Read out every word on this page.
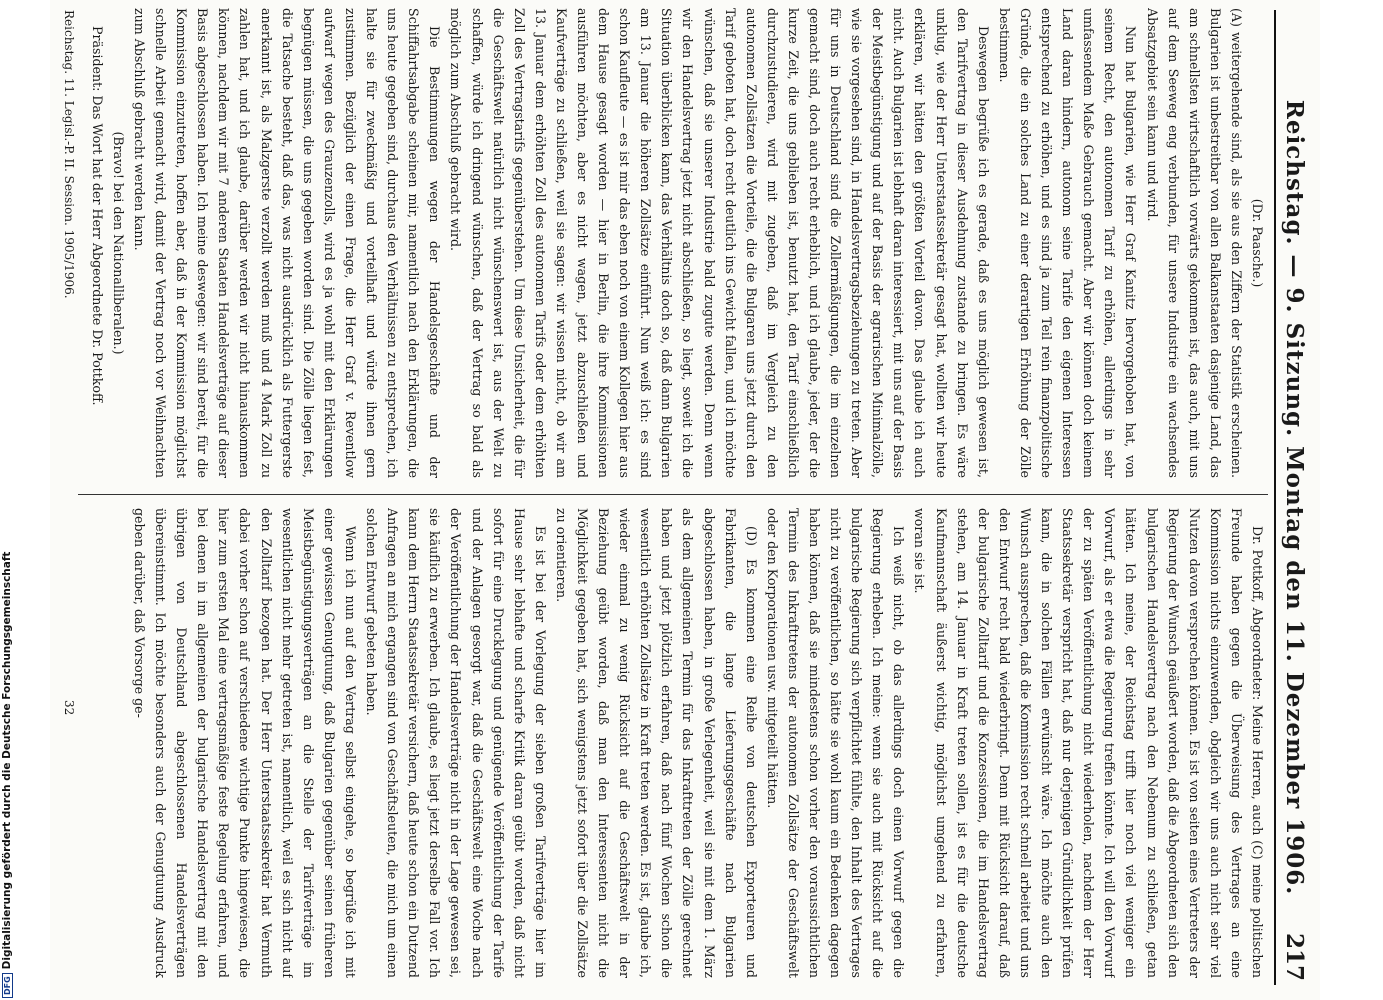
Reichstag. — 9. Sitzung. Montag den 11. Dezember 1906.
217

(Dr. Paasche.)

(A) weitergehende sind, als sie aus den Ziffern der Statistik erscheinen. Bulgarien ist unbestreitbar von allen Balkanstaaten dasjenige Land, das am schnellsten wirtschaftlich vorwärts gekommen ist, das auch, mit uns auf dem Seeweg eng verbunden, für unsere Industrie ein wachsendes Absatzgebiet sein kann und wird.

Nun hat Bulgarien, wie Herr Graf Kanitz hervorgehoben hat, von seinem Recht, den autonomen Tarif zu erhöhen, allerdings in sehr umfassendem Maße Gebrauch gemacht. Aber wir können doch keinem Land daran hindern, autonom seine Tarife den eigenen Interessen entsprechend zu erhöhen, und es sind ja zum Teil rein finanzpolitische Gründe, die ein solches Land zu einer derartigen Erhöhung der Zölle bestimmen.

Deswegen begrüße ich es gerade, daß es uns möglich gewesen ist, den Tarifvertrag in dieser Ausdehnung zustande zu bringen. Es wäre unklug, wie der Herr Unterstaatssekretär gesagt hat, wollten wir heute erklären, wir hätten den größten Vorteil davon. Das glaube ich auch nicht. Auch Bulgarien ist lebhaft daran interessiert, mit uns auf der Basis der Meistbegünstigung und auf der Basis der agrarischen Minimalzölle, wie sie vorgesehen sind, in Handelsvertragsbeziehungen zu treten. Aber für uns in Deutschland sind die Zollermäßigungen, die im einzelnen gemacht sind, doch auch recht erheblich, und ich glaube, jeder, der die kurze Zeit, die uns geblieben ist, benutzt hat, den Tarif einschließlich durchzustudieren, wird mit zugeben, daß im Vergleich zu den autonomen Zollsätzen die Vorteile, die die Bulgaren uns jetzt durch den Tarif geboten hat, doch recht deutlich ins Gewicht fallen, und ich möchte wünschen, daß sie unserer Industrie bald zugute werden. Denn wenn wir den Handelsvertrag jetzt nicht abschließen, so liegt, soweit ich die Situation überblicken kann, das Verhältnis doch so, daß dann Bulgarien am 13. Januar die höheren Zollsätze einführt. Nun weiß ich: es sind schon Kaufleute — es ist mir das eben noch von einem Kollegen hier aus dem Hause gesagt worden — hier in Berlin, die ihre Kommissionen ausführen möchten, aber es nicht wagen, jetzt abzuschließen und Kaufverträge zu schließen, weil sie sagen: wir wissen nicht, ob wir am 13. Januar dem erhöhten Zoll des autonomen Tarifs oder dem erhöhten Zoll des Vertragstarifs gegenüberstehen. Um diese Unsicherheit, die für die Geschäftswelt natürlich nicht wünschenswert ist, aus der Welt zu schaffen, würde ich dringend wünschen, daß der Vertrag so bald als möglich zum Abschluß gebracht wird.

Die Bestimmungen wegen der Handelsgeschäfte und der Schiffahrtsabgabe scheinen mir, namentlich nach den Erklärungen, die uns heute gegeben sind, durchaus den Verhältnissen zu entsprechen, ich halte sie für zweckmäßig und vorteilhaft und würde ihnen gern zustimmen. Bezüglich der einen Frage, die Herr Graf v. Reventlow aufwarf wegen des Grauzenzolls, wird es ja wohl mit den Erklärungen begnügen müssen, die uns gegeben worden sind. Die Zölle liegen fest, die Tatsache besteht, daß das, was nicht ausdrücklich als Futtergerste anerkannt ist, als Malzgerste verzollt werden muß und 4 Mark Zoll zu zahlen hat, und ich glaube, darüber werden wir nicht hinauskommen können, nachdem wir mit 7 anderen Staaten Handelsverträge auf dieser Basis abgeschlossen haben. Ich meine deswegen: wir sind bereit, für die Kommission einzutreten, hoffen aber, daß in der Kommission möglichst schnelle Arbeit gemacht wird, damit der Vertrag noch vor Weihnachten zum Abschluß gebracht werden kann.

(Bravo! bei den Nationalliberalen.)

Präsident: Das Wort hat der Herr Abgeordnete Dr. Pottkoff.

Dr. Pottkoff, Abgeordneter: Meine Herren, auch (C) meine politischen Freunde haben gegen die Überweisung des Vertrages an eine Kommission nichts einzuwenden, obgleich wir uns auch nicht sehr viel Nutzen davon versprechen können. Es ist von seiten eines Vertreters der Regierung der Wunsch geäußert worden, daß die Abgeordneten sich den bulgarischen Handelsvertrag nach den Nebenum zu schließen, getan hätten. Ich meine, der Reichstag trifft hier noch viel weniger ein Vorwurf, als er etwa die Regierung treffen könnte. Ich will den Vorwurf der zu späten Veröffentlichung nicht wiederholen, nachdem der Herr Staatssekretär verspricht hat, daß nur derjenigen Gründlichkeit prüfen kann, die in solchen Fällen erwünscht wäre. Ich möchte auch den Wunsch aussprechen, daß die Kommission recht schnell arbeitet und uns den Entwurf recht bald wiederbringt. Denn mit Rücksicht darauf, daß der bulgarische Zolltarif und die Konzessionen, die im Handelsvertrag stehen, am 14. Januar in Kraft treten sollen, ist es für die deutsche Kaufmannschaft äußerst wichtig, möglichst umgehend zu erfahren, woran sie ist.

Ich weiß nicht, ob das allerdings doch einen Vorwurf gegen die Regierung erheben. Ich meine: wenn sie auch mit Rücksicht auf die bulgarische Regierung sich verpflichtet fühlte, den Inhalt des Vertrages nicht zu veröffentlichen, so hätte sie wohl kaum ein Bedenken dagegen haben können, daß sie mindestens schon vorher den voraussichtlichen Termin des Inkrafttretens der autonomen Zollsätze der Geschäftswelt oder den Korporationen usw. mitgeteilt hätten.

(D) Es kommen eine Reihe von deutschen Exporteuren und Fabrikanten, die lange Lieferungsgeschäfte nach Bulgarien abgeschlossen haben, in große Verlegenheit, weil sie mit dem 1. März als dem allgemeinen Termin für das Inkrafttreten der Zölle gerechnet haben und jetzt plötzlich erfahren, daß nach fünf Wochen schon die wesentlich erhöhten Zollsätze in Kraft treten werden. Es ist, glaube ich, wieder einmal zu wenig Rücksicht auf die Geschäftswelt in der Beziehung geübt worden, daß man den Interessenten nicht die Möglichkeit gegeben hat, sich wenigstens jetzt sofort über die Zollsätze zu orientieren.

Es ist bei der Vorlegung der sieben großen Tarifverträge hier im Hause sehr lebhafte und scharfe Kritik daran geübt worden, daß nicht sofort für eine Drucklegung und genügende Veröffentlichung der Tarife und der Anlagen gesorgt war, daß die Geschäftswelt eine Woche nach der Veröffentlichung der Handelsverträge nicht in der Lage gewesen sei, sie käuflich zu erwerben. Ich glaube, es liegt jetzt derselbe Fall vor. Ich kann dem Herrn Staatssekretär versichern, daß heute schon ein Dutzend Anfragen an mich ergangen sind von Geschäftsleuten, die mich um einen solchen Entwurf gebeten haben.

Wenn ich nun auf den Vertrag selbst eingehe, so begrüße ich mit einer gewissen Genugtuung, daß Bulgarien gegenüber seinen früheren Meistbegünstigungsverträgen an die Stelle der Tarifverträge im wesentlichen nicht mehr getreten ist, namentlich, weil es sich nicht auf den Zolltarif bezogen hat. Der Herr Unterstaatssekretär hat Vermuth dabei vorher schon auf verschiedene wichtige Punkte hingewiesen, die hier zum ersten Mal eine vertragsmäßige feste Regelung erfahren, und bei denen in im allgemeinen der bulgarische Handelsvertrag mit den übrigen von Deutschland abgeschlossenen Handelsverträgen übereinstimmt. Ich möchte besonders auch der Genugtuung Ausdruck geben darüber, daß Vorsorge ge-

Reichstag. 11. Legisl.-P. II. Session. 1905/1906.
32
DFGDigitalisierung gefördert durch die Deutsche Forschungsgemeinschaft
